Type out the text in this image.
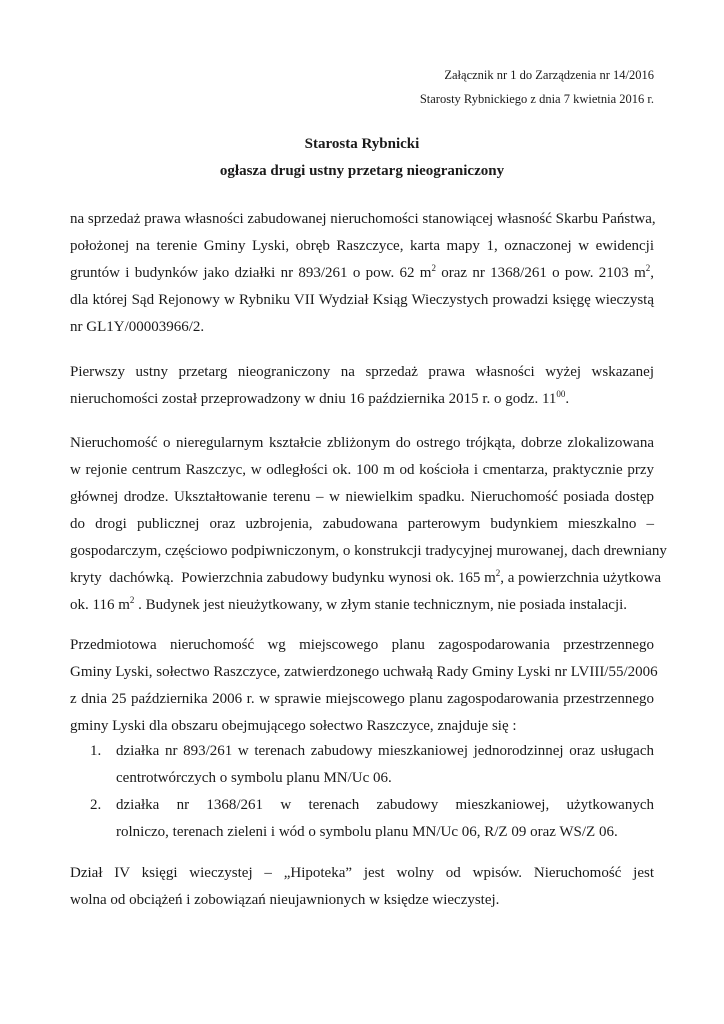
Załącznik nr 1 do Zarządzenia nr 14/2016
Starosty Rybnickiego z dnia 7 kwietnia 2016 r.
Starosta Rybnicki
ogłasza drugi ustny przetarg nieograniczony
na sprzedaż prawa własności zabudowanej nieruchomości stanowiącej własność Skarbu Państwa,
położonej na terenie Gminy Lyski, obręb Raszczyce, karta mapy 1, oznaczonej w ewidencji
gruntów i budynków jako działki nr 893/261 o pow. 62 $m^2$ oraz nr 1368/261 o pow. 2103 $m^2$,
dla której Sąd Rejonowy w Rybniku VII Wydział Ksiąg Wieczystych prowadzi księgę wieczystą
nr GL1Y/00003966/2.
Pierwszy ustny przetarg nieograniczony na sprzedaż prawa własności wyżej wskazanej
nieruchomości został przeprowadzony w dniu 16 października 2015 r. o godz. $11^{00}$.
Nieruchomość o nieregularnym kształcie zbliżonym do ostrego trójkąta, dobrze zlokalizowana
w rejonie centrum Raszczyc, w odległości ok. 100 m od kościoła i cmentarza, praktycznie przy
głównej drodze. Ukształtowanie terenu – w niewielkim spadku. Nieruchomość posiada dostęp
do drogi publicznej oraz uzbrojenia, zabudowana parterowym budynkiem mieszkalno –
gospodarczym, częściowo podpiwniczonym, o konstrukcji tradycyjnej murowanej, dach drewniany
kryty  dachówką.  Powierzchnia zabudowy budynku wynosi ok. 165 $m^2$, a powierzchnia użytkowa
ok. 116 $m^2$ . Budynek jest nieużytkowany, w złym stanie technicznym, nie posiada instalacji.
Przedmiotowa nieruchomość wg miejscowego planu zagospodarowania przestrzennego
Gminy Lyski, sołectwo Raszczyce, zatwierdzonego uchwałą Rady Gminy Lyski nr LVIII/55/2006
z dnia 25 października 2006 r. w sprawie miejscowego planu zagospodarowania przestrzennego
gminy Lyski dla obszaru obejmującego sołectwo Raszczyce, znajduje się :
1. działka nr 893/261 w terenach zabudowy mieszkaniowej jednorodzinnej oraz usługach
centrotwórczych o symbolu planu MN/Uc 06.
2. działka nr 1368/261 w terenach zabudowy mieszkaniowej, użytkowanych
rolniczo, terenach zieleni i wód o symbolu planu MN/Uc 06, R/Z 09 oraz WS/Z 06.
Dział IV księgi wieczystej – „Hipoteka” jest wolny od wpisów. Nieruchomość jest
wolna od obciążeń i zobowiązań nieujawnionych w księdze wieczystej.
